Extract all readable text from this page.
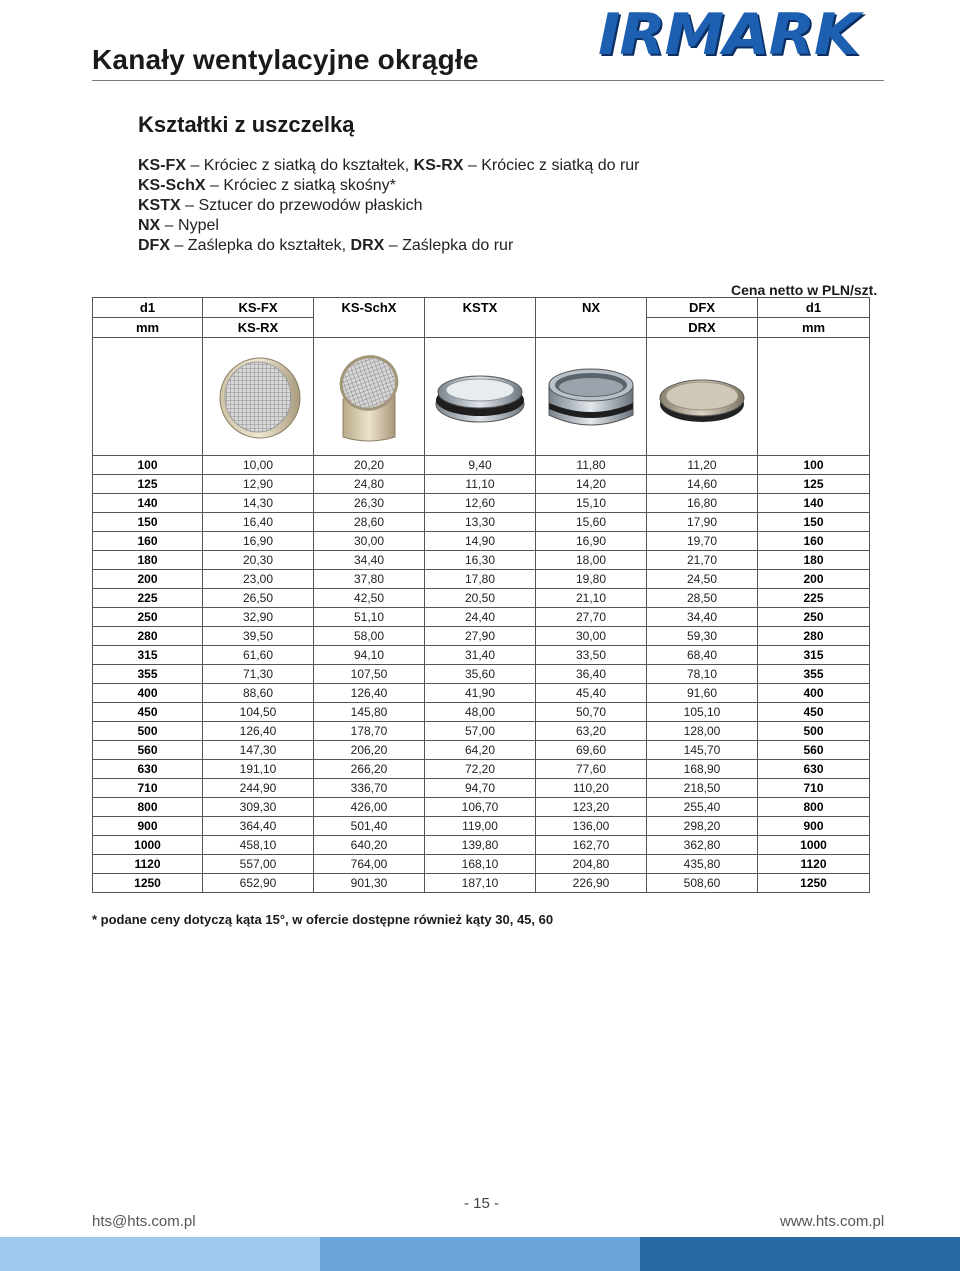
Kanały wentylacyjne okrągłe IRMARK
Kształtki z uszczelką
KS-FX – Króciec z siatką do kształtek, KS-RX – Króciec z siatką do rur
KS-SchX – Króciec z siatką skośny*
KSTX – Sztucer do przewodów płaskich
NX – Nypel
DFX – Zaślepka do kształtek, DRX – Zaślepka do rur
Cena netto w PLN/szt.
d1	KS-FX	KS-SchX	KSTX	NX	DFX	d1
mm	KS-RX				DRX	mm

100	10,00	20,20	9,40	11,80	11,20	100
125	12,90	24,80	11,10	14,20	14,60	125
140	14,30	26,30	12,60	15,10	16,80	140
150	16,40	28,60	13,30	15,60	17,90	150
160	16,90	30,00	14,90	16,90	19,70	160
180	20,30	34,40	16,30	18,00	21,70	180
200	23,00	37,80	17,80	19,80	24,50	200
225	26,50	42,50	20,50	21,10	28,50	225
250	32,90	51,10	24,40	27,70	34,40	250
280	39,50	58,00	27,90	30,00	59,30	280
315	61,60	94,10	31,40	33,50	68,40	315
355	71,30	107,50	35,60	36,40	78,10	355
400	88,60	126,40	41,90	45,40	91,60	400
450	104,50	145,80	48,00	50,70	105,10	450
500	126,40	178,70	57,00	63,20	128,00	500
560	147,30	206,20	64,20	69,60	145,70	560
630	191,10	266,20	72,20	77,60	168,90	630
710	244,90	336,70	94,70	110,20	218,50	710
800	309,30	426,00	106,70	123,20	255,40	800
900	364,40	501,40	119,00	136,00	298,20	900
1000	458,10	640,20	139,80	162,70	362,80	1000
1120	557,00	764,00	168,10	204,80	435,80	1120
1250	652,90	901,30	187,10	226,90	508,60	1250
* podane ceny dotyczą kąta 15°, w ofercie dostępne również kąty 30, 45, 60
- 15 -
hts@hts.com.pl	www.hts.com.pl
